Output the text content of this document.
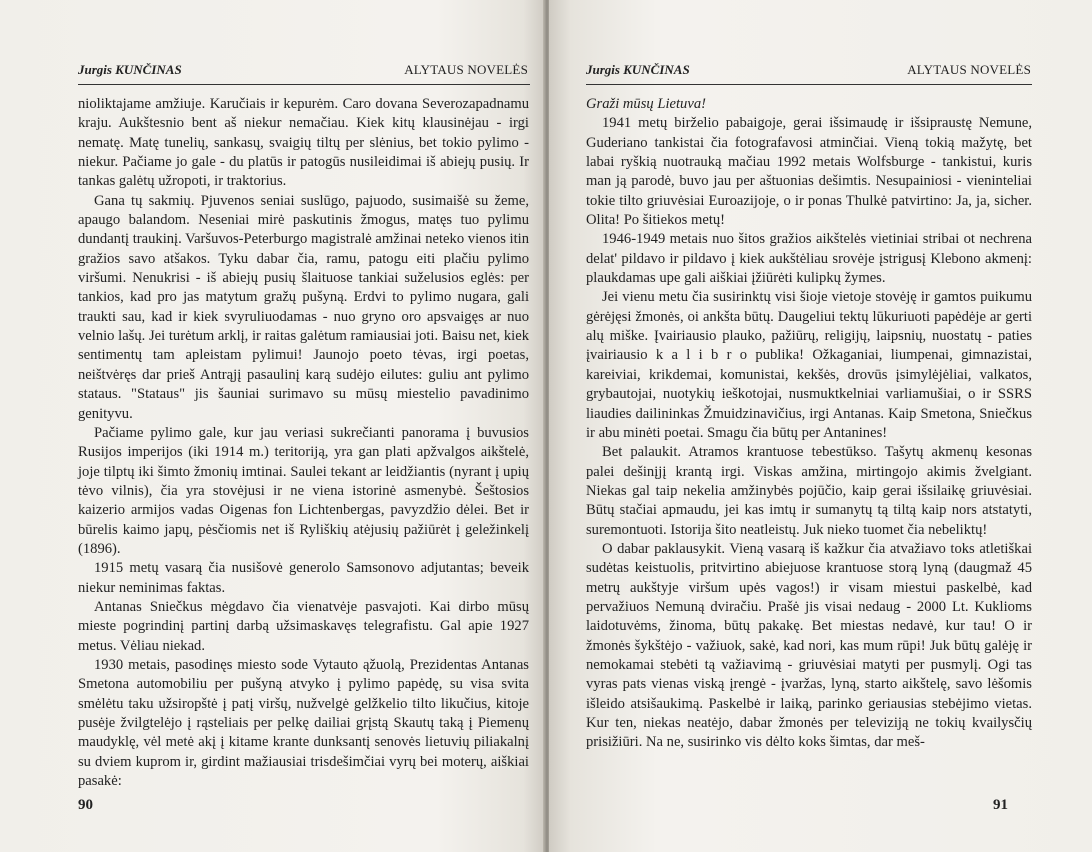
Jurgis KUNČINAS	ALYTAUS NOVELĖS

nioliktajame amžiuje. Karučiais ir kepurėm. Caro dovana Severozapadnamu kraju. Aukštesnio bent aš niekur nemačiau. Kiek kitų klausinėjau - irgi nematę. Matę tunelių, sankasų, svaigių tiltų per slėnius, bet tokio pylimo - niekur. Pačiame jo gale - du platūs ir patogūs nusileidimai iš abiejų pusių. Ir tankas galėtų užropoti, ir traktorius.

Gana tų sakmių. Pjuvenos seniai suslūgo, pajuodo, susimaišė su žeme, apaugo balandom. Neseniai mirė paskutinis žmogus, matęs tuo pylimu dundantį traukinį. Varšuvos-Peterburgo magistralė amžinai neteko vienos itin gražios savo atšakos. Tyku dabar čia, ramu, patogu eiti plačiu pylimo viršumi. Nenukrisi - iš abiejų pusių šlaituose tankiai suželusios eglės: per tankios, kad pro jas matytum gražų pušyną. Erdvi to pylimo nugara, gali traukti sau, kad ir kiek svyruliuodamas - nuo gryno oro apsvaigęs ar nuo velnio lašų. Jei turėtum arklį, ir raitas galėtum ramiausiai joti. Baisu net, kiek sentimentų tam apleistam pylimui! Jaunojo poeto tėvas, irgi poetas, neištvėręs dar prieš Antrąjį pasaulinį karą sudėjo eilutes: guliu ant pylimo stataus. "Stataus" jis šauniai surimavo su mūsų miestelio pavadinimo genityvu.

Pačiame pylimo gale, kur jau veriasi sukrečianti panorama į buvusios Rusijos imperijos (iki 1914 m.) teritoriją, yra gan plati apžvalgos aikštelė, joje tilptų iki šimto žmonių imtinai. Saulei tekant ar leidžiantis (nyrant į upių tėvo vilnis), čia yra stovėjusi ir ne viena istorinė asmenybė. Šeštosios kaizerio armijos vadas Oigenas fon Lichtenbergas, pavyzdžio dėlei. Bet ir būrelis kaimo japų, pėsčiomis net iš Ryliškių atėjusių pažiūrėt į geležinkelį (1896).

1915 metų vasarą čia nusišovė generolo Samsonovo adjutantas; beveik niekur neminimas faktas.

Antanas Sniečkus mėgdavo čia vienatvėje pasvajoti. Kai dirbo mūsų mieste pogrindinį partinį darbą užsimaskavęs telegrafistu. Gal apie 1927 metus. Vėliau niekad.

1930 metais, pasodinęs miesto sode Vytauto ąžuolą, Prezidentas Antanas Smetona automobiliu per pušyną atvyko į pylimo papėdę, su visa svita smėlėtu taku užsiropštė į patį viršų, nužvelgė gelžkelio tilto likučius, kitoje pusėje žvilgtelėjo į rąsteliais per pelkę dailiai grįstą Skautų taką į Piemenų maudyklę, vėl metė akį į kitame krante dunksantį senovės lietuvių piliakalnį su dviem kuprom ir, girdint mažiausiai trisdešimčiai vyrų bei moterų, aiškiai pasakė:

90
Jurgis KUNČINAS	ALYTAUS NOVELĖS

Graži mūsų Lietuva!

1941 metų birželio pabaigoje, gerai išsimaudę ir išsipraustę Nemune, Guderiano tankistai čia fotografavosi atminčiai. Vieną tokią mažytę, bet labai ryškią nuotrauką mačiau 1992 metais Wolfsburge - tankistui, kuris man ją parodė, buvo jau per aštuonias dešimtis. Nesupainiosi - vieninteliai tokie tilto griuvėsiai Euroazijoje, o ir ponas Thulkė patvirtino: Ja, ja, sicher. Olita! Po šitiekos metų!

1946-1949 metais nuo šitos gražios aikštelės vietiniai stribai ot nechrena delat' pildavo ir pildavo į kiek aukštėliau srovėje įstrigusį Klebono akmenį: plaukdamas upe gali aiškiai įžiūrėti kulipkų žymes.

Jei vienu metu čia susirinktų visi šioje vietoje stovėję ir gamtos puikumu gėrėjęsi žmonės, oi ankšta būtų. Daugeliui tektų lūkuriuoti papėdėje ar gerti alų miške. Įvairiausio plauko, pažiūrų, religijų, laipsnių, nuostatų - paties įvairiausio k a l i b r o publika! Ožkaganiai, liumpenai, gimnazistai, kareiviai, krikdemai, komunistai, kekšės, drovūs įsimylėjėliai, valkatos, grybautojai, nuotykių ieškotojai, nusmuktkelniai varliamušiai, o ir SSRS liaudies dailininkas Žmuidzinavičius, irgi Antanas. Kaip Smetona, Sniečkus ir abu minėti poetai. Smagu čia būtų per Antanines!

Bet palaukit. Atramos krantuose tebestūkso. Tašytų akmenų kesonas palei dešinįjį krantą irgi. Viskas amžina, mirtingojo akimis žvelgiant. Niekas gal taip nekelia amžinybės pojūčio, kaip gerai išsilaikę griuvėsiai. Būtų stačiai apmaudu, jei kas imtų ir sumanytų tą tiltą kaip nors atstatyti, suremontuoti. Istorija šito neatleistų. Juk nieko tuomet čia nebeliktų!

O dabar paklausykit. Vieną vasarą iš kažkur čia atvažiavo toks atletiškai sudėtas keistuolis, pritvirtino abiejuose krantuose storą lyną (daugmaž 45 metrų aukštyje viršum upės vagos!) ir visam miestui paskelbė, kad pervažiuos Nemuną dviračiu. Prašė jis visai nedaug - 2000 Lt. Kuklioms laidotuvėms, žinoma, būtų pakakę. Bet miestas nedavė, kur tau! O ir žmonės šykštėjo - važiuok, sakė, kad nori, kas mum rūpi! Juk būtų galėję ir nemokamai stebėti tą važiavimą - griuvėsiai matyti per pusmylį. Ogi tas vyras pats vienas viską įrengė - įvaržas, lyną, starto aikštelę, savo lėšomis išleido atsišaukimą. Paskelbė ir laiką, parinko geriausias stebėjimo vietas. Kur ten, niekas neatėjo, dabar žmonės per televiziją ne tokių kvailysčių prisižiūri. Na ne, susirinko vis dėlto koks šimtas, dar meš-

91
